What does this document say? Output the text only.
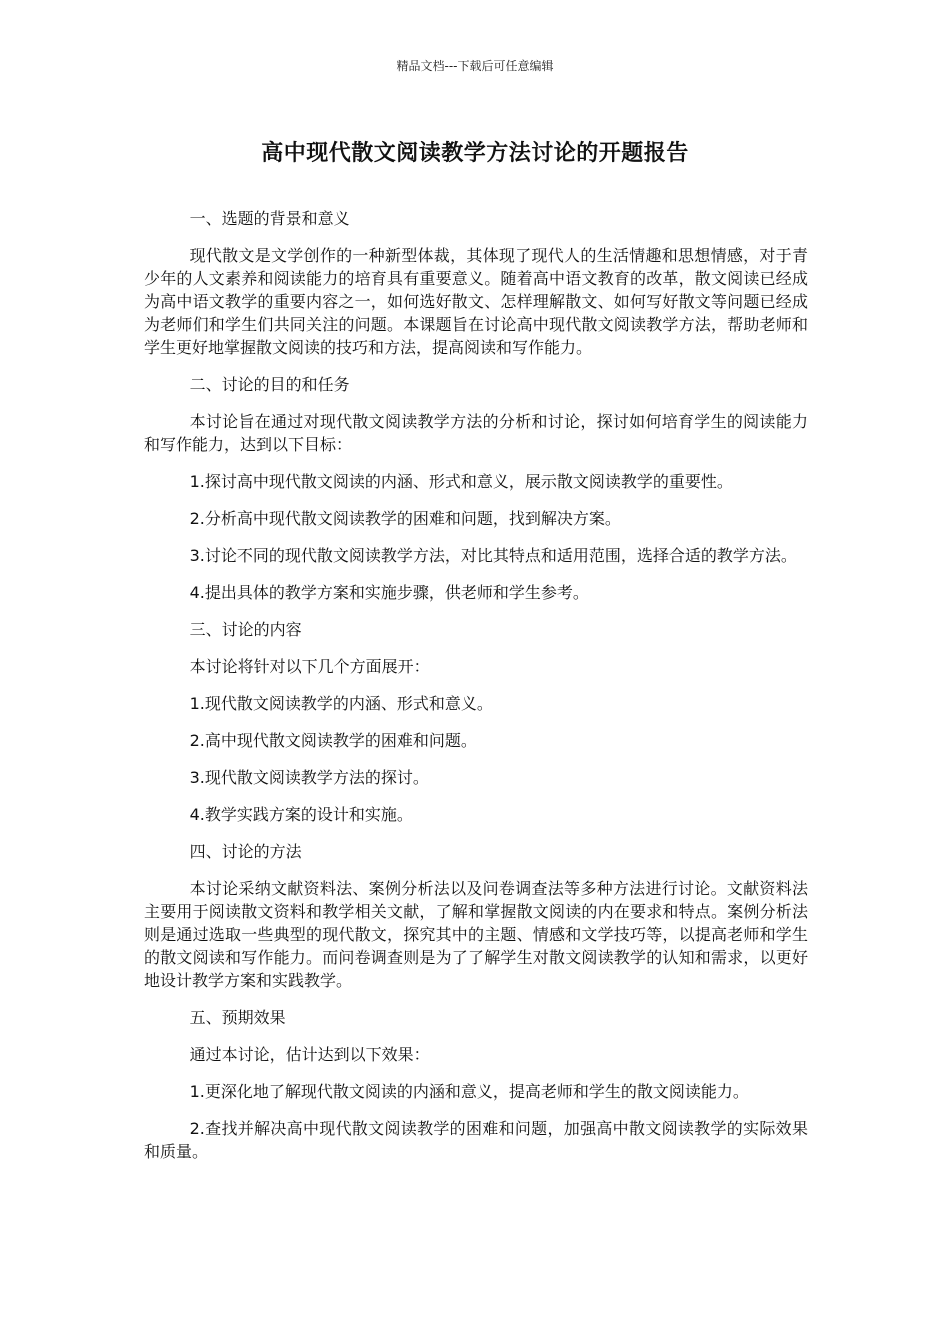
精品文档---下载后可任意编辑
高中现代散文阅读教学方法讨论的开题报告

一、选题的背景和意义

现代散文是文学创作的一种新型体裁，其体现了现代人的生活情趣和思想情感，对于青少年的人文素养和阅读能力的培育具有重要意义。随着高中语文教育的改革，散文阅读已经成为高中语文教学的重要内容之一，如何选好散文、怎样理解散文、如何写好散文等问题已经成为老师们和学生们共同关注的问题。本课题旨在讨论高中现代散文阅读教学方法，帮助老师和学生更好地掌握散文阅读的技巧和方法，提高阅读和写作能力。

二、讨论的目的和任务

本讨论旨在通过对现代散文阅读教学方法的分析和讨论，探讨如何培育学生的阅读能力和写作能力，达到以下目标：

1.探讨高中现代散文阅读的内涵、形式和意义，展示散文阅读教学的重要性。

2.分析高中现代散文阅读教学的困难和问题，找到解决方案。

3.讨论不同的现代散文阅读教学方法，对比其特点和适用范围，选择合适的教学方法。

4.提出具体的教学方案和实施步骤，供老师和学生参考。

三、讨论的内容

本讨论将针对以下几个方面展开：

1.现代散文阅读教学的内涵、形式和意义。

2.高中现代散文阅读教学的困难和问题。

3.现代散文阅读教学方法的探讨。

4.教学实践方案的设计和实施。

四、讨论的方法

本讨论采纳文献资料法、案例分析法以及问卷调查法等多种方法进行讨论。文献资料法主要用于阅读散文资料和教学相关文献，了解和掌握散文阅读的内在要求和特点。案例分析法则是通过选取一些典型的现代散文，探究其中的主题、情感和文学技巧等，以提高老师和学生的散文阅读和写作能力。而问卷调查则是为了了解学生对散文阅读教学的认知和需求，以更好地设计教学方案和实践教学。

五、预期效果

通过本讨论，估计达到以下效果：

1.更深化地了解现代散文阅读的内涵和意义，提高老师和学生的散文阅读能力。

2.查找并解决高中现代散文阅读教学的困难和问题，加强高中散文阅读教学的实际效果和质量。
